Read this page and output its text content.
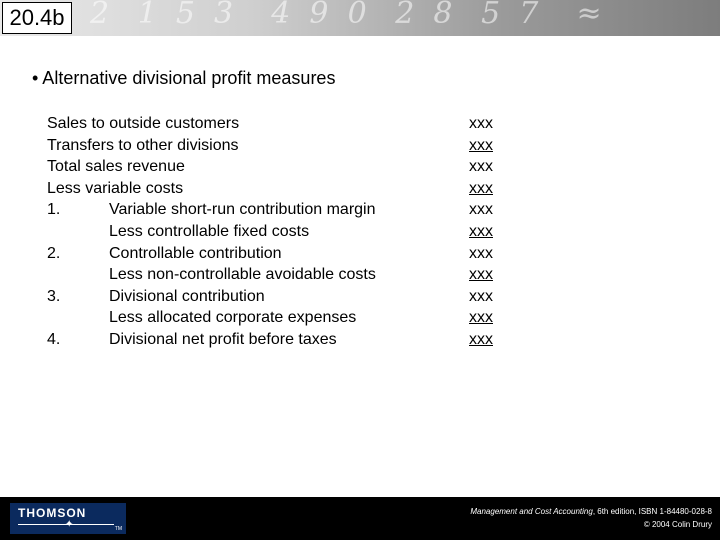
2   1  5  3    4  9  0   2  8   5  7    ≈
20.4b
• Alternative divisional profit measures
Sales to outside customers	xxx
Transfers to other divisions	xxx
Total sales revenue	xxx
Less variable costs	xxx
1.	Variable short-run contribution margin	xxx
Less controllable fixed costs	xxx
2.	Controllable contribution	xxx
Less non-controllable avoidable costs	xxx
3.	Divisional contribution	xxx
Less allocated corporate expenses	xxx
4.	Divisional net profit before taxes	xxx
THOMSON
✦	TM
Management and Cost Accounting, 6th edition, ISBN 1-84480-028-8
© 2004 Colin Drury
